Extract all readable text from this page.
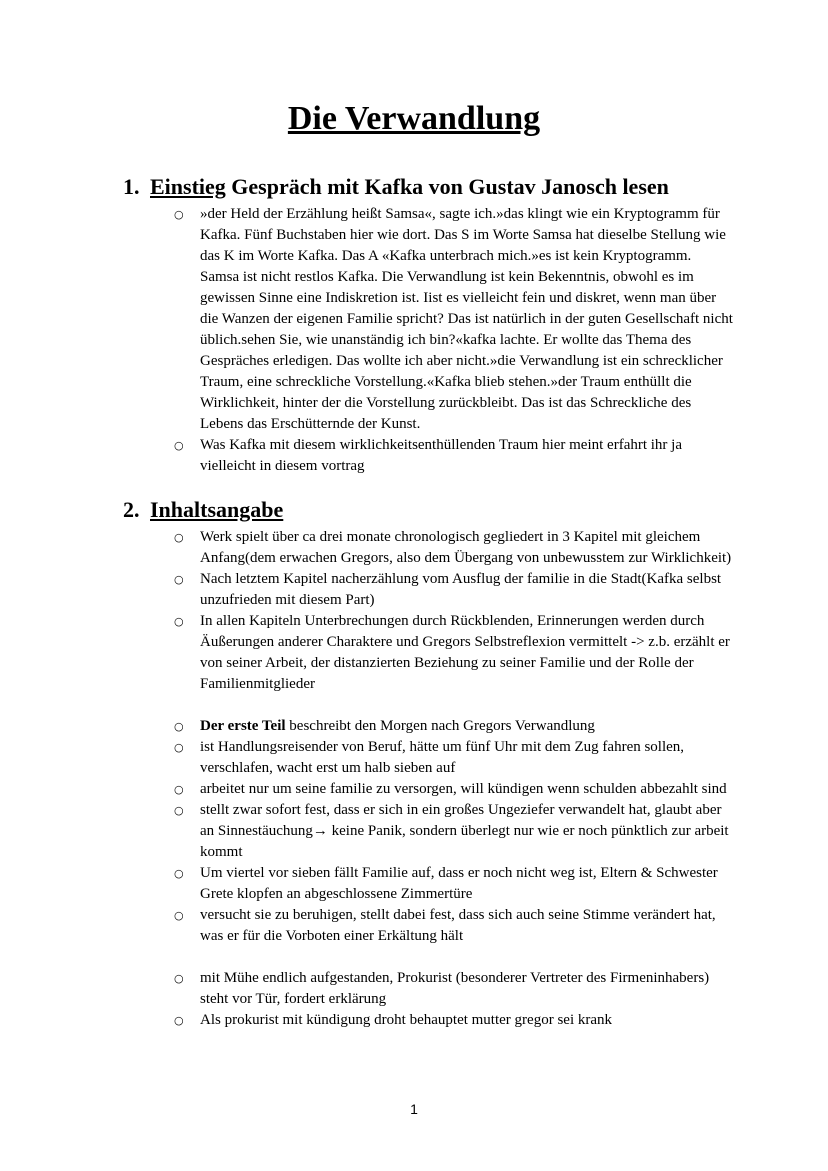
Die Verwandlung
1. Einstieg Gespräch mit Kafka von Gustav Janosch lesen
○ »der Held der Erzählung heißt Samsa«, sagte ich.»das klingt wie ein Kryptogramm für Kafka. Fünf Buchstaben hier wie dort. Das S im Worte Samsa hat dieselbe Stellung wie das K im Worte Kafka. Das A «Kafka unterbrach mich.»es ist kein Kryptogramm. Samsa ist nicht restlos Kafka. Die Verwandlung ist kein Bekenntnis, obwohl es im gewissen Sinne eine Indiskretion ist. Iist es vielleicht fein und diskret, wenn man über die Wanzen der eigenen Familie spricht? Das ist natürlich in der guten Gesellschaft nicht üblich.sehen Sie, wie unanständig ich bin?«kafka lachte. Er wollte das Thema des Gespräches erledigen. Das wollte ich aber nicht.»die Verwandlung ist ein schrecklicher Traum, eine schreckliche Vorstellung.«Kafka blieb stehen.»der Traum enthüllt die Wirklichkeit, hinter der die Vorstellung zurückbleibt. Das ist das Schreckliche des Lebens das Erschütternde der Kunst.
○ Was Kafka mit diesem wirklichkeitsenthüllenden Traum hier meint erfahrt ihr ja vielleicht in diesem vortrag
2. Inhaltsangabe
○ Werk spielt über ca drei monate chronologisch gegliedert in 3 Kapitel mit gleichem Anfang(dem erwachen Gregors, also dem Übergang von unbewusstem zur Wirklichkeit)
○ Nach letztem Kapitel nacherzählung vom Ausflug der familie in die Stadt(Kafka selbst unzufrieden mit diesem Part)
○ In allen Kapiteln Unterbrechungen durch Rückblenden, Erinnerungen werden durch Äußerungen anderer Charaktere und Gregors Selbstreflexion vermittelt -> z.b. erzählt er von seiner Arbeit, der distanzierten Beziehung zu seiner Familie und der Rolle der Familienmitglieder
○ Der erste Teil beschreibt den Morgen nach Gregors Verwandlung
○ ist Handlungsreisender von Beruf, hätte um fünf Uhr mit dem Zug fahren sollen, verschlafen, wacht erst um halb sieben auf
○ arbeitet nur um seine familie zu versorgen, will kündigen wenn schulden abbezahlt sind
○ stellt zwar sofort fest, dass er sich in ein großes Ungeziefer verwandelt hat, glaubt aber an Sinnestäuchung→ keine Panik, sondern überlegt nur wie er noch pünktlich zur arbeit kommt
○ Um viertel vor sieben fällt Familie auf, dass er noch nicht weg ist, Eltern & Schwester Grete klopfen an abgeschlossene Zimmertüre
○ versucht sie zu beruhigen, stellt dabei fest, dass sich auch seine Stimme verändert hat, was er für die Vorboten einer Erkältung hält
○ mit Mühe endlich aufgestanden, Prokurist (besonderer Vertreter des Firmeninhabers) steht vor Tür, fordert erklärung
○ Als prokurist mit kündigung droht behauptet mutter gregor sei krank
1
